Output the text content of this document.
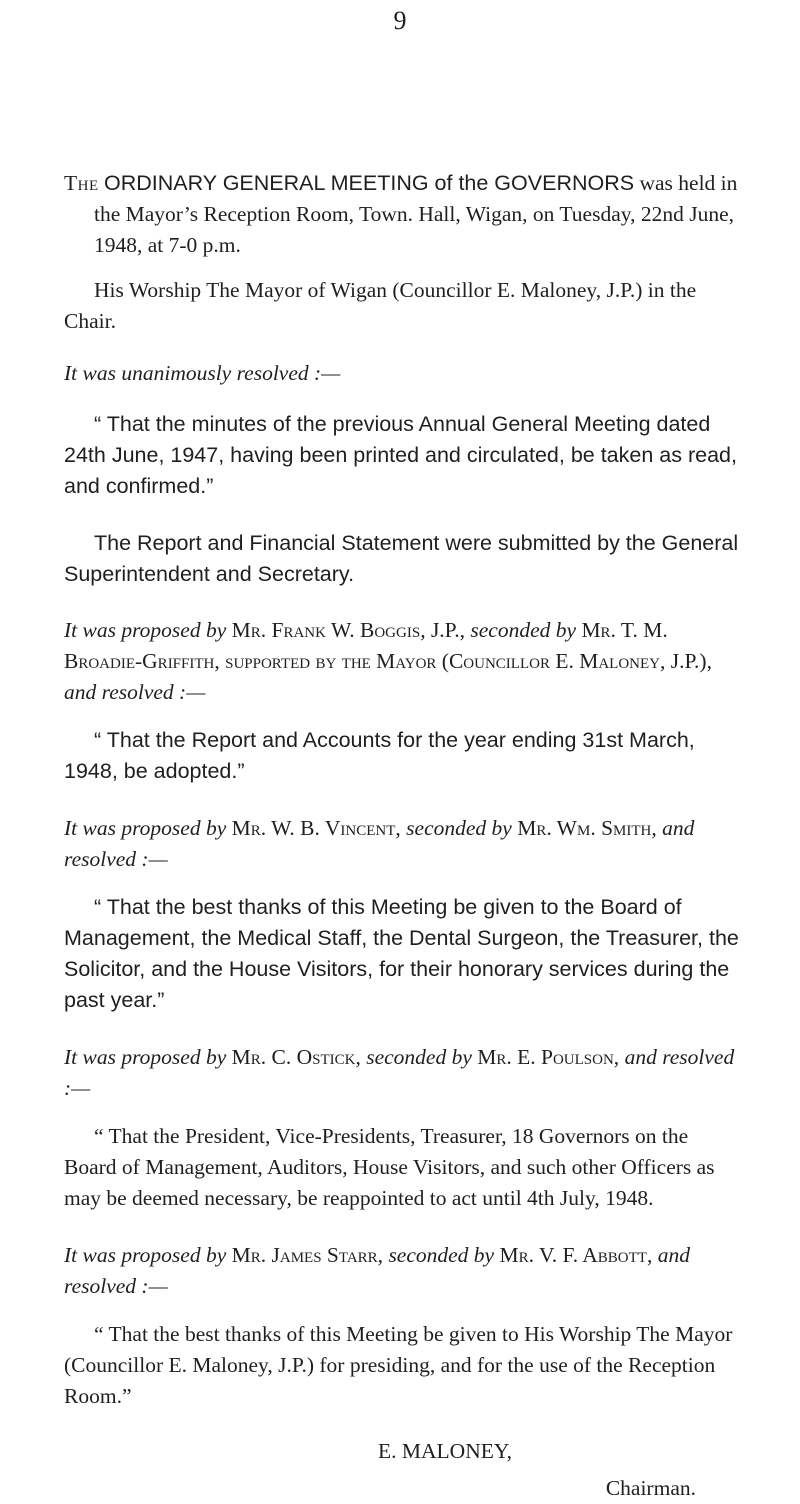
9

The ORDINARY GENERAL MEETING of the GOVERNORS was held in the Mayor’s Reception Room, Town. Hall, Wigan, on Tuesday, 22nd June, 1948, at 7-0 p.m.

His Worship The Mayor of Wigan (Councillor E. Maloney, J.P.) in the Chair.

It was unanimously resolved :—

“ That the minutes of the previous Annual General Meeting dated 24th June, 1947, having been printed and circulated, be taken as read, and confirmed.”

The Report and Financial Statement were submitted by the General Superintendent and Secretary.

It was proposed by Mr. Frank W. Boggis, J.P., seconded by Mr. T. M. Broadie-Griffith, supported by the Mayor (Councillor E. Maloney, J.P.), and resolved :—

“ That the Report and Accounts for the year ending 31st March, 1948, be adopted.”

It was proposed by Mr. W. B. Vincent, seconded by Mr. Wm. Smith, and resolved :—

“ That the best thanks of this Meeting be given to the Board of Management, the Medical Staff, the Dental Surgeon, the Treasurer, the Solicitor, and the House Visitors, for their honorary services during the past year.”

It was proposed by Mr. C. Ostick, seconded by Mr. E. Poulson, and resolved :—

“ That the President, Vice-Presidents, Treasurer, 18 Governors on the Board of Management, Auditors, House Visitors, and such other Officers as may be deemed necessary, be reappointed to act until 4th July, 1948.

It was proposed by Mr. James Starr, seconded by Mr. V. F. Abbott, and resolved :—

“ That the best thanks of this Meeting be given to His Worship The Mayor (Councillor E. Maloney, J.P.) for presiding, and for the use of the Reception Room.”

E. MALONEY,

Chairman.
